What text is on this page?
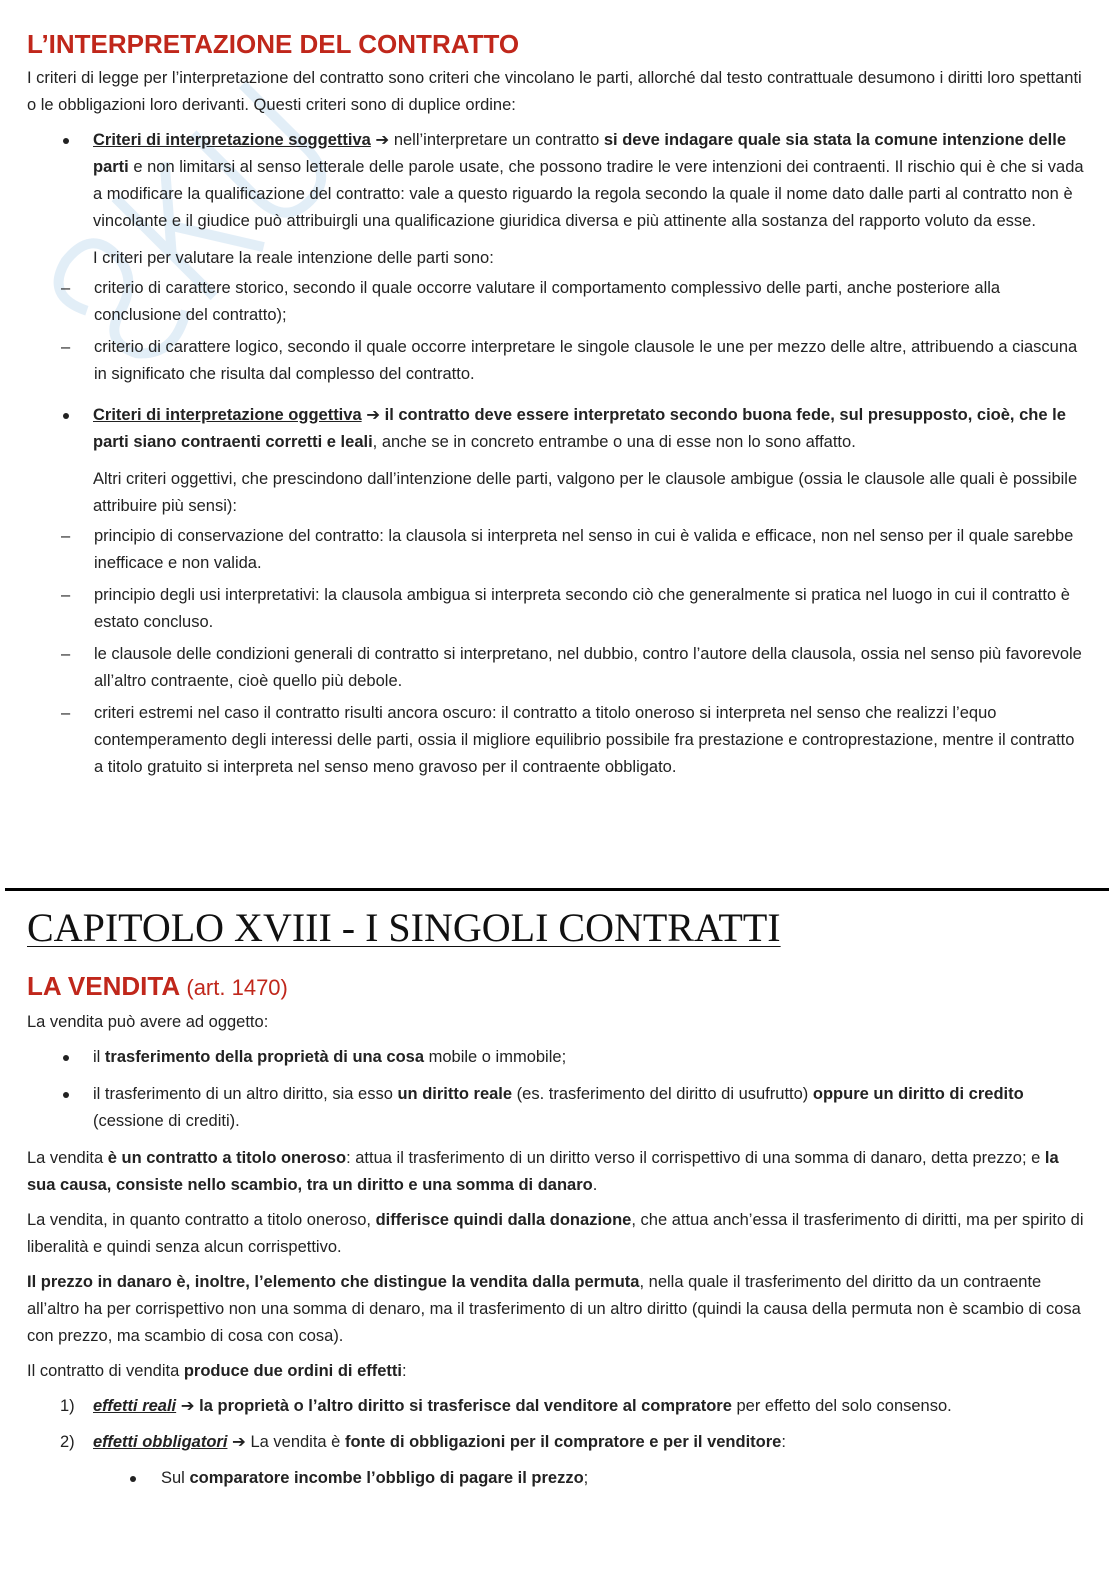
L’INTERPRETAZIONE DEL CONTRATTO

I criteri di legge per l’interpretazione del contratto sono criteri che vincolano le parti, allorché dal testo contrattuale desumono i diritti loro spettanti o le obbligazioni loro derivanti. Questi criteri sono di duplice ordine:

Criteri di interpretazione soggettiva ➔ nell’interpretare un contratto si deve indagare quale sia stata la comune intenzione delle parti e non limitarsi al senso letterale delle parole usate, che possono tradire le vere intenzioni dei contraenti. Il rischio qui è che si vada a modificare la qualificazione del contratto: vale a questo riguardo la regola secondo la quale il nome dato dalle parti al contratto non è vincolante e il giudice può attribuirgli una qualificazione giuridica diversa e più attinente alla sostanza del rapporto voluto da esse.

I criteri per valutare la reale intenzione delle parti sono:

– criterio di carattere storico, secondo il quale occorre valutare il comportamento complessivo delle parti, anche posteriore alla conclusione del contratto);
– criterio di carattere logico, secondo il quale occorre interpretare le singole clausole le une per mezzo delle altre, attribuendo a ciascuna in significato che risulta dal complesso del contratto.
Criteri di interpretazione oggettiva ➔ il contratto deve essere interpretato secondo buona fede, sul presupposto, cioè, che le parti siano contraenti corretti e leali, anche se in concreto entrambe o una di esse non lo sono affatto.

Altri criteri oggettivi, che prescindono dall’intenzione delle parti, valgono per le clausole ambigue (ossia le clausole alle quali è possibile attribuire più sensi):

– principio di conservazione del contratto: la clausola si interpreta nel senso in cui è valida e efficace, non nel senso per il quale sarebbe inefficace e non valida.
– principio degli usi interpretativi: la clausola ambigua si interpreta secondo ciò che generalmente si pratica nel luogo in cui il contratto è estato concluso.
– le clausole delle condizioni generali di contratto si interpretano, nel dubbio, contro l’autore della clausola, ossia nel senso più favorevole all’altro contraente, cioè quello più debole.
– criteri estremi nel caso il contratto risulti ancora oscuro: il contratto a titolo oneroso si interpreta nel senso che realizzi l’equo contemperamento degli interessi delle parti, ossia il migliore equilibrio possibile fra prestazione e controprestazione, mentre il contratto a titolo gratuito si interpreta nel senso meno gravoso per il contraente obbligato.
CAPITOLO XVIII - I SINGOLI CONTRATTI
LA VENDITA (art. 1470)

La vendita può avere ad oggetto:

il trasferimento della proprietà di una cosa mobile o immobile;
il trasferimento di un altro diritto, sia esso un diritto reale (es. trasferimento del diritto di usufrutto) oppure un diritto di credito (cessione di crediti).

La vendita è un contratto a titolo oneroso: attua il trasferimento di un diritto verso il corrispettivo di una somma di danaro, detta prezzo; e la sua causa, consiste nello scambio, tra un diritto e una somma di danaro.

La vendita, in quanto contratto a titolo oneroso, differisce quindi dalla donazione, che attua anch’essa il trasferimento di diritti, ma per spirito di liberalità e quindi senza alcun corrispettivo.

Il prezzo in danaro è, inoltre, l’elemento che distingue la vendita dalla permuta, nella quale il trasferimento del diritto da un contraente all’altro ha per corrispettivo non una somma di denaro, ma il trasferimento di un altro diritto (quindi la causa della permuta non è scambio di cosa con prezzo, ma scambio di cosa con cosa).

Il contratto di vendita produce due ordini di effetti:

1) effetti reali ➔ la proprietà o l’altro diritto si trasferisce dal venditore al compratore per effetto del solo consenso.
2) effetti obbligatori ➔ La vendita è fonte di obbligazioni per il compratore e per il venditore:
Sul comparatore incombe l’obbligo di pagare il prezzo;
